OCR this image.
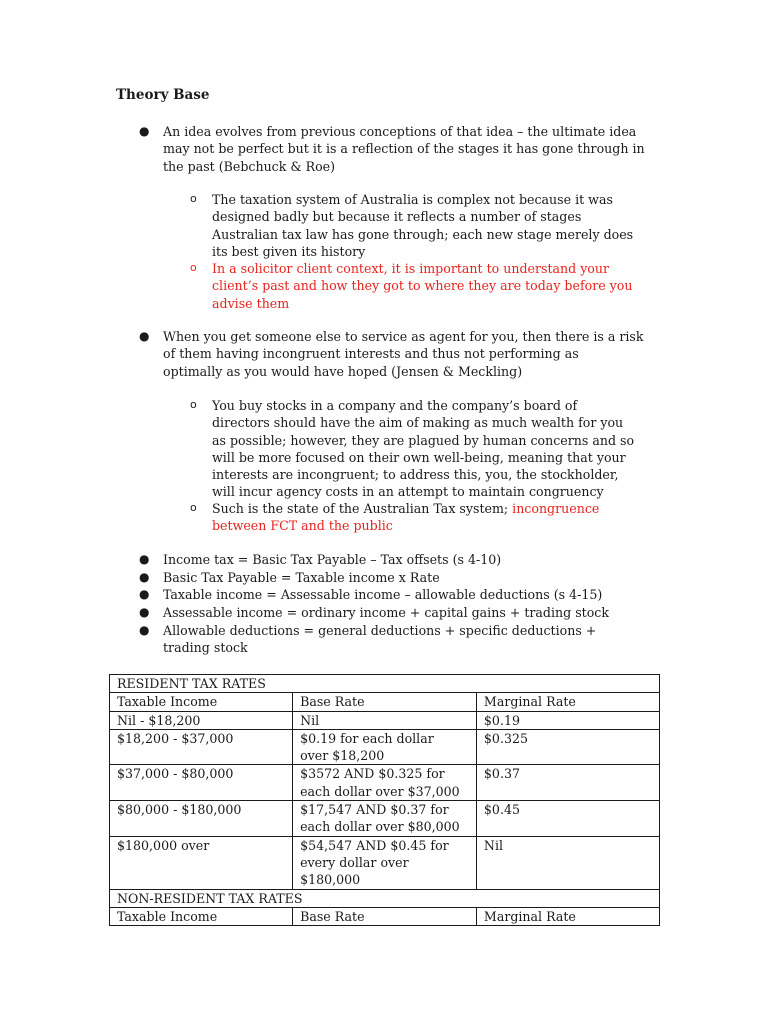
Theory Base
● An idea evolves from previous conceptions of that idea – the ultimate idea
may not be perfect but it is a reflection of the stages it has gone through in
the past (Bebchuck & Roe)
o The taxation system of Australia is complex not because it was
designed badly but because it reflects a number of stages
Australian tax law has gone through; each new stage merely does
its best given its history
o In a solicitor client context, it is important to understand your
client’s past and how they got to where they are today before you
advise them
● When you get someone else to service as agent for you, then there is a risk
of them having incongruent interests and thus not performing as
optimally as you would have hoped (Jensen & Meckling)
o You buy stocks in a company and the company’s board of
directors should have the aim of making as much wealth for you
as possible; however, they are plagued by human concerns and so
will be more focused on their own well-being, meaning that your
interests are incongruent; to address this, you, the stockholder,
will incur agency costs in an attempt to maintain congruency
o Such is the state of the Australian Tax system; incongruence
between FCT and the public
● Income tax = Basic Tax Payable – Tax offsets (s 4-10)
● Basic Tax Payable = Taxable income x Rate
● Taxable income = Assessable income – allowable deductions (s 4-15)
● Assessable income = ordinary income + capital gains + trading stock
● Allowable deductions = general deductions + specific deductions +
trading stock
RESIDENT TAX RATES		
Taxable Income	Base Rate	Marginal Rate
Nil - $18,200	Nil	$0.19
$18,200 - $37,000	$0.19 for each dollar
over $18,200	$0.325
$37,000 - $80,000	$3572 AND $0.325 for
each dollar over $37,000	$0.37
$80,000 - $180,000	$17,547 AND $0.37 for
each dollar over $80,000	$0.45
$180,000 over	$54,547 AND $0.45 for
every dollar over
$180,000	Nil
NON-RESIDENT TAX RATES		
Taxable Income	Base Rate	Marginal Rate
